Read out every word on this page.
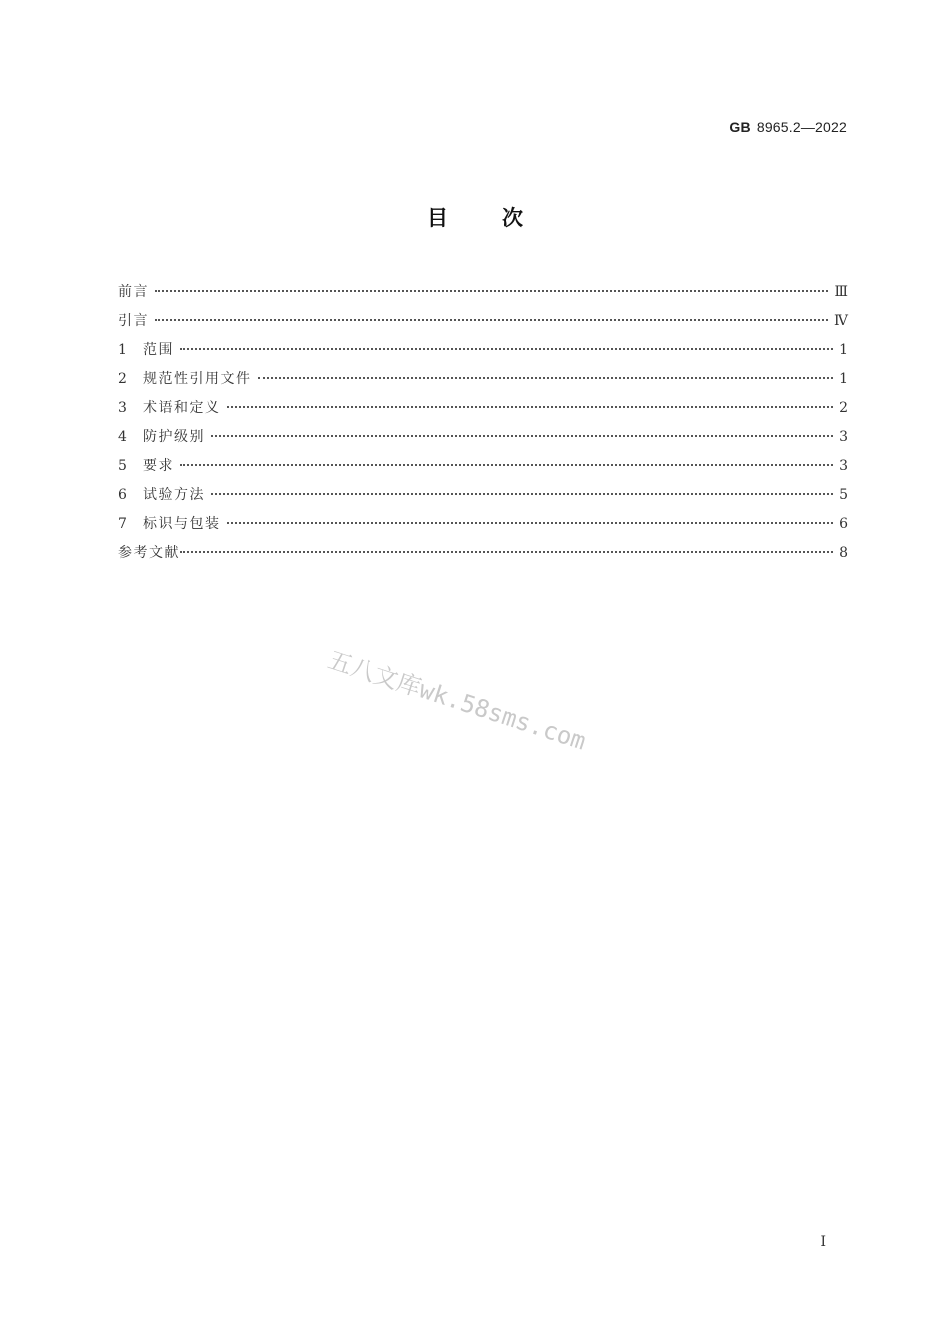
GB 8965.2—2022
目次
前言	Ⅲ
引言	Ⅳ
1	范围	1
2	规范性引用文件	1
3	术语和定义	2
4	防护级别	3
5	要求	3
6	试验方法	5
7	标识与包装	6
参考文献	8
五八文库wk.58sms.com
I
